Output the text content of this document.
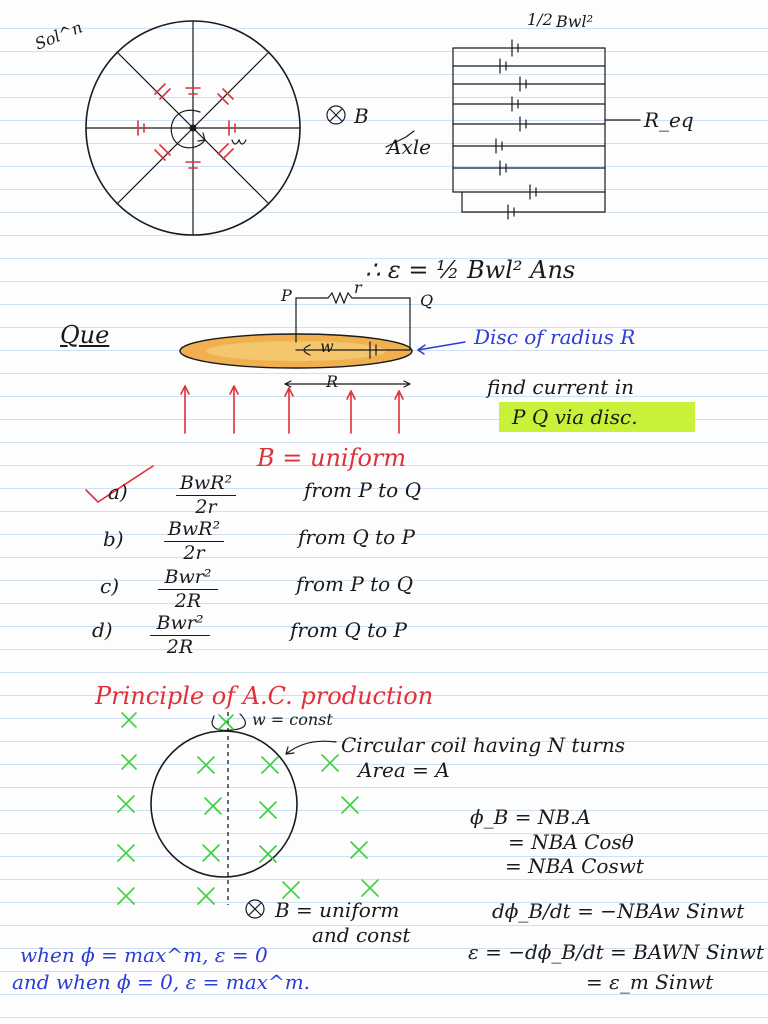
Sol^n
B
1/2 Bwl²
R_eq
Axle
∴ ε = ½ Bwl² Ans
Que
P	Q
r
w
R
Disc of radius R
find current in
P Q via disc.
B = uniform
a)	BwR²
2r
from P to Q
b) BwR²
2r
from Q to P
c)	Bwr²
2R
from P to Q
d)	Bwr²
2R
from Q to P
Principle of A.C. production
w = const
Circular coil having N turns
Area = A
ϕ_B = NB.A
= NBA Cosθ
= NBA Coswt
dϕ_B/dt = −NBAw Sinwt
B = uniform
and const
ε = −dϕ_B/dt = BAWN Sinwt
= ε_m Sinwt
when ϕ = max^m, ε = 0
and when ϕ = 0, ε = max^m.
